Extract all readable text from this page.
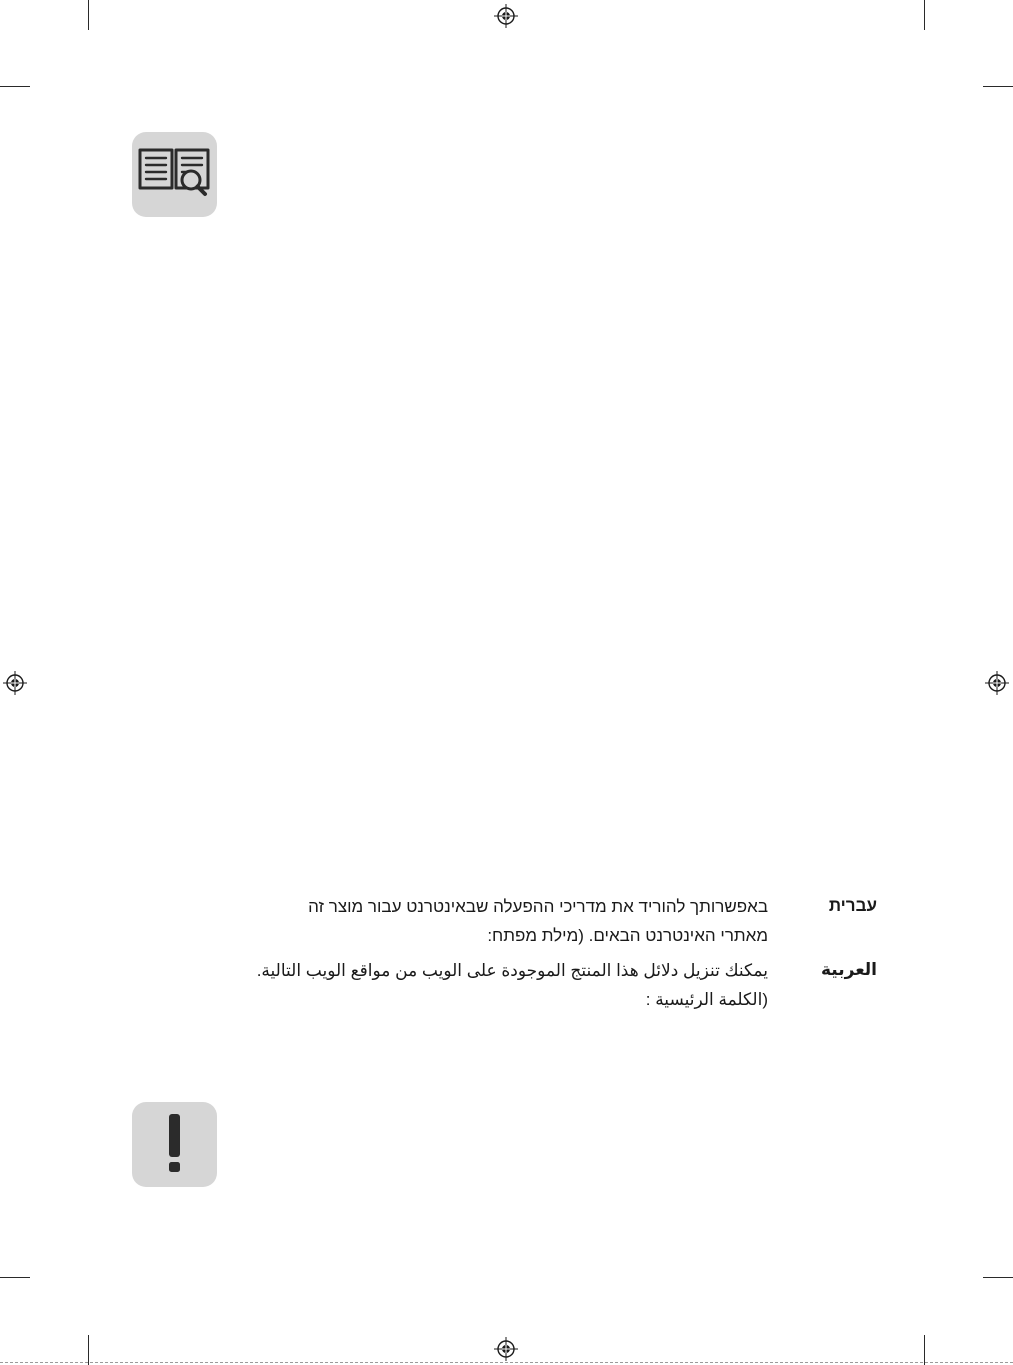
עברית
באפשרותך להוריד את מדריכי ההפעלה שבאינטרנט עבור מוצר זה
מאתרי האינטרנט הבאים. (מילת מפתח:
العربية
يمكنك تنزيل دلائل هذا المنتج الموجودة على الويب من مواقع الويب التالية.
(الكلمة الرئيسية :
